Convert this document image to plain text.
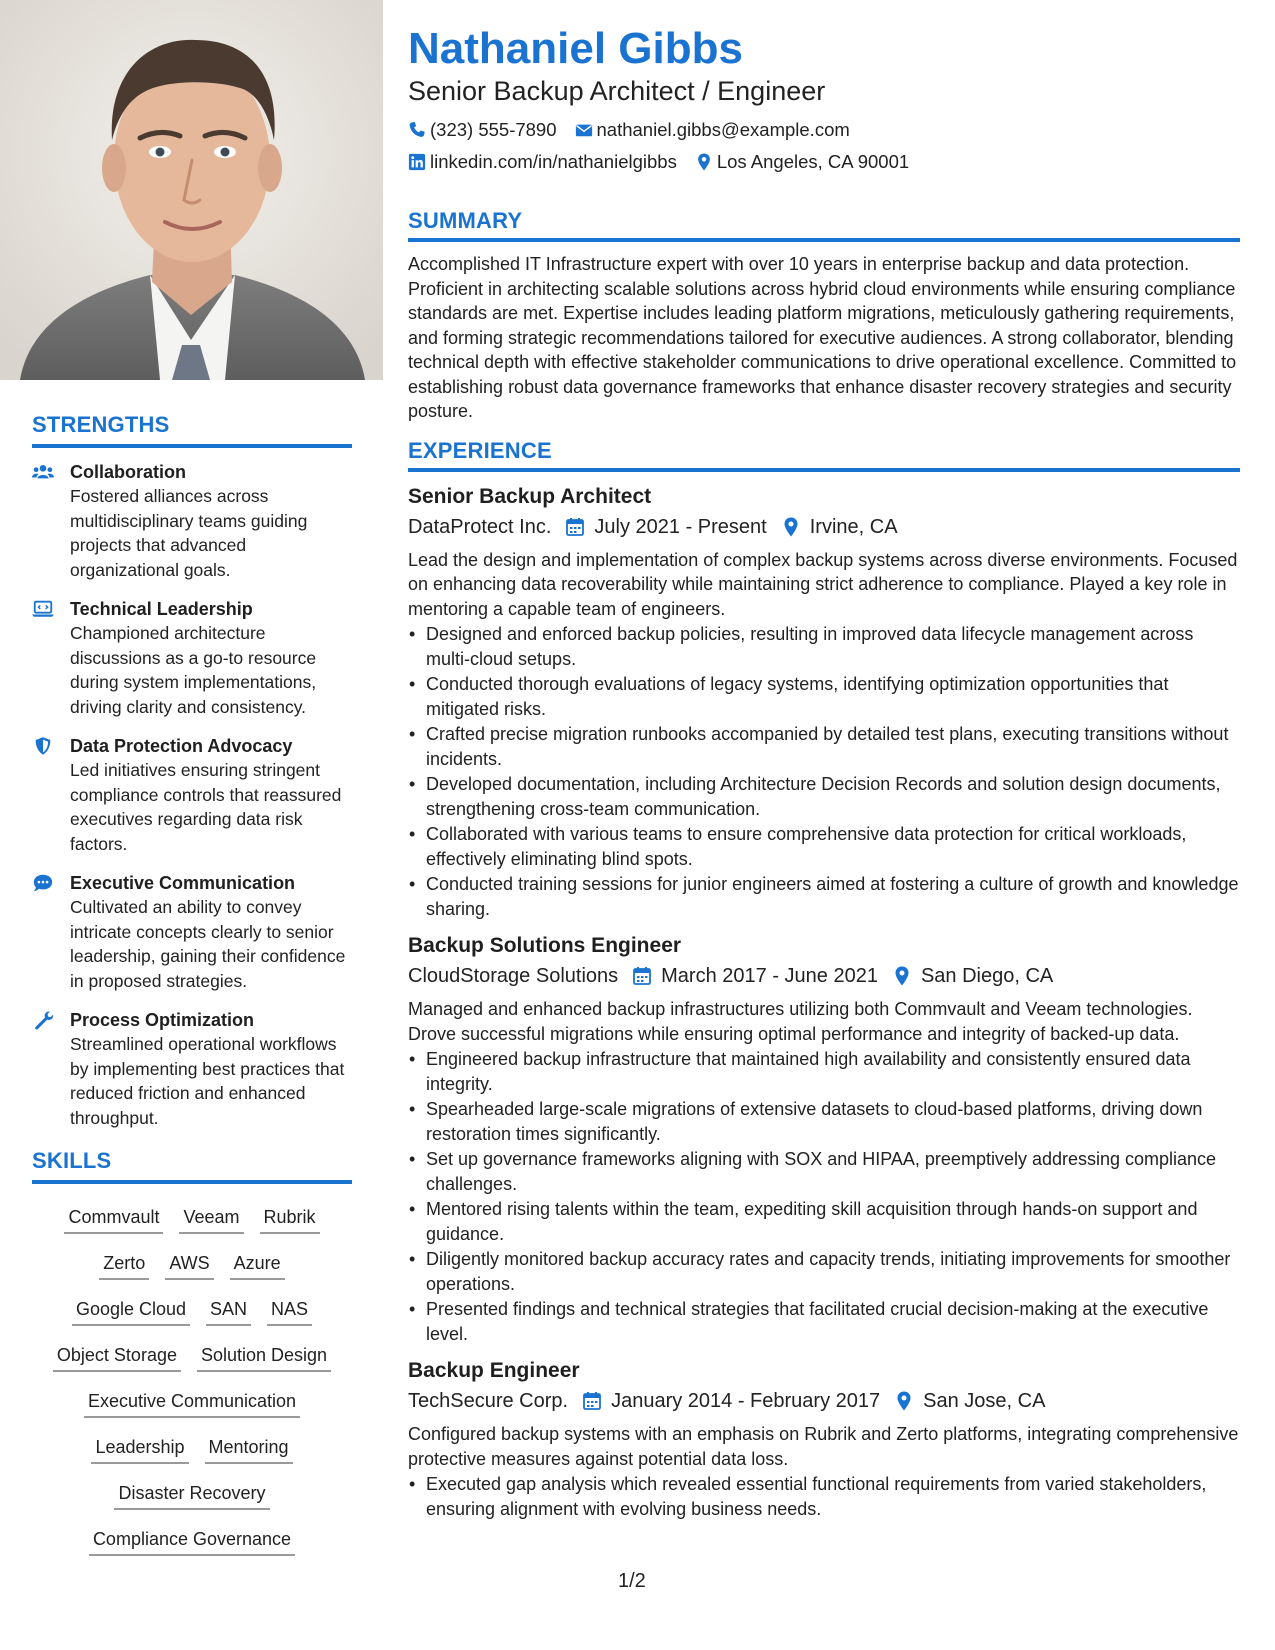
STRENGTHS
Collaboration
Fostered alliances across multidisciplinary teams guiding projects that advanced organizational goals.
Technical Leadership
Championed architecture discussions as a go-to resource during system implementations, driving clarity and consistency.
Data Protection Advocacy
Led initiatives ensuring stringent compliance controls that reassured executives regarding data risk factors.
Executive Communication
Cultivated an ability to convey intricate concepts clearly to senior leadership, gaining their confidence in proposed strategies.
Process Optimization
Streamlined operational workflows by implementing best practices that reduced friction and enhanced throughput.
SKILLS
Commvault Veeam Rubrik
Zerto AWS Azure
Google Cloud SAN NAS
Object Storage Solution Design
Executive Communication
Leadership Mentoring
Disaster Recovery
Compliance Governance
Nathaniel Gibbs
Senior Backup Architect / Engineer
(323) 555-7890 nathaniel.gibbs@example.com
linkedin.com/in/nathanielgibbs Los Angeles, CA 90001
SUMMARY
Accomplished IT Infrastructure expert with over 10 years in enterprise backup and data protection. Proficient in architecting scalable solutions across hybrid cloud environments while ensuring compliance standards are met. Expertise includes leading platform migrations, meticulously gathering requirements, and forming strategic recommendations tailored for executive audiences. A strong collaborator, blending technical depth with effective stakeholder communications to drive operational excellence. Committed to establishing robust data governance frameworks that enhance disaster recovery strategies and security posture.
EXPERIENCE
Senior Backup Architect
DataProtect Inc. July 2021 - Present Irvine, CA
Lead the design and implementation of complex backup systems across diverse environments. Focused on enhancing data recoverability while maintaining strict adherence to compliance. Played a key role in mentoring a capable team of engineers.
• Designed and enforced backup policies, resulting in improved data lifecycle management across multi-cloud setups.
• Conducted thorough evaluations of legacy systems, identifying optimization opportunities that mitigated risks.
• Crafted precise migration runbooks accompanied by detailed test plans, executing transitions without incidents.
• Developed documentation, including Architecture Decision Records and solution design documents, strengthening cross-team communication.
• Collaborated with various teams to ensure comprehensive data protection for critical workloads, effectively eliminating blind spots.
• Conducted training sessions for junior engineers aimed at fostering a culture of growth and knowledge sharing.
Backup Solutions Engineer
CloudStorage Solutions March 2017 - June 2021 San Diego, CA
Managed and enhanced backup infrastructures utilizing both Commvault and Veeam technologies. Drove successful migrations while ensuring optimal performance and integrity of backed-up data.
• Engineered backup infrastructure that maintained high availability and consistently ensured data integrity.
• Spearheaded large-scale migrations of extensive datasets to cloud-based platforms, driving down restoration times significantly.
• Set up governance frameworks aligning with SOX and HIPAA, preemptively addressing compliance challenges.
• Mentored rising talents within the team, expediting skill acquisition through hands-on support and guidance.
• Diligently monitored backup accuracy rates and capacity trends, initiating improvements for smoother operations.
• Presented findings and technical strategies that facilitated crucial decision-making at the executive level.
Backup Engineer
TechSecure Corp. January 2014 - February 2017 San Jose, CA
Configured backup systems with an emphasis on Rubrik and Zerto platforms, integrating comprehensive protective measures against potential data loss.
• Executed gap analysis which revealed essential functional requirements from varied stakeholders, ensuring alignment with evolving business needs.
1/2
